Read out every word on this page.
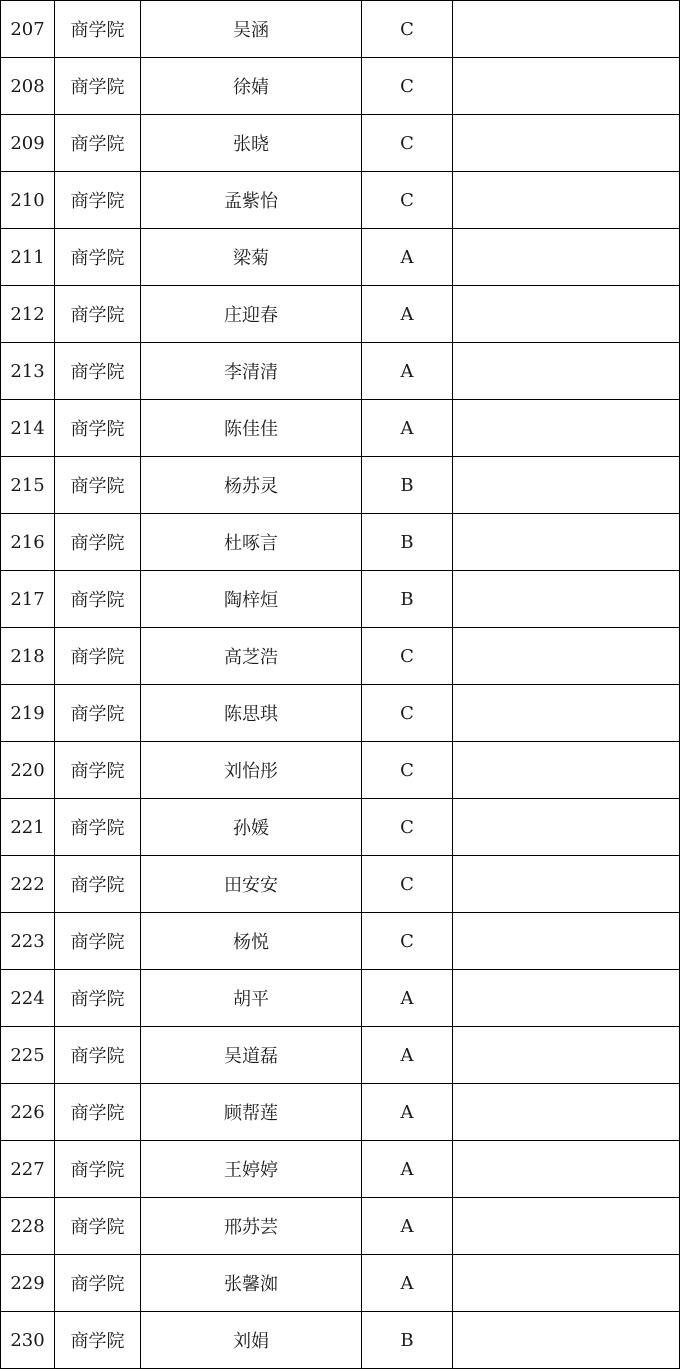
207	商学院	吴涵	C	
208	商学院	徐婧	C	
209	商学院	张晓	C	
210	商学院	孟紫怡	C	
211	商学院	梁菊	A	
212	商学院	庄迎春	A	
213	商学院	李清清	A	
214	商学院	陈佳佳	A	
215	商学院	杨苏灵	B	
216	商学院	杜啄言	B	
217	商学院	陶梓烜	B	
218	商学院	高芝浩	C	
219	商学院	陈思琪	C	
220	商学院	刘怡彤	C	
221	商学院	孙媛	C	
222	商学院	田安安	C	
223	商学院	杨悦	C	
224	商学院	胡平	A	
225	商学院	吴道磊	A	
226	商学院	顾帮莲	A	
227	商学院	王婷婷	A	
228	商学院	邢苏芸	A	
229	商学院	张馨洳	A	
230	商学院	刘娟	B	
